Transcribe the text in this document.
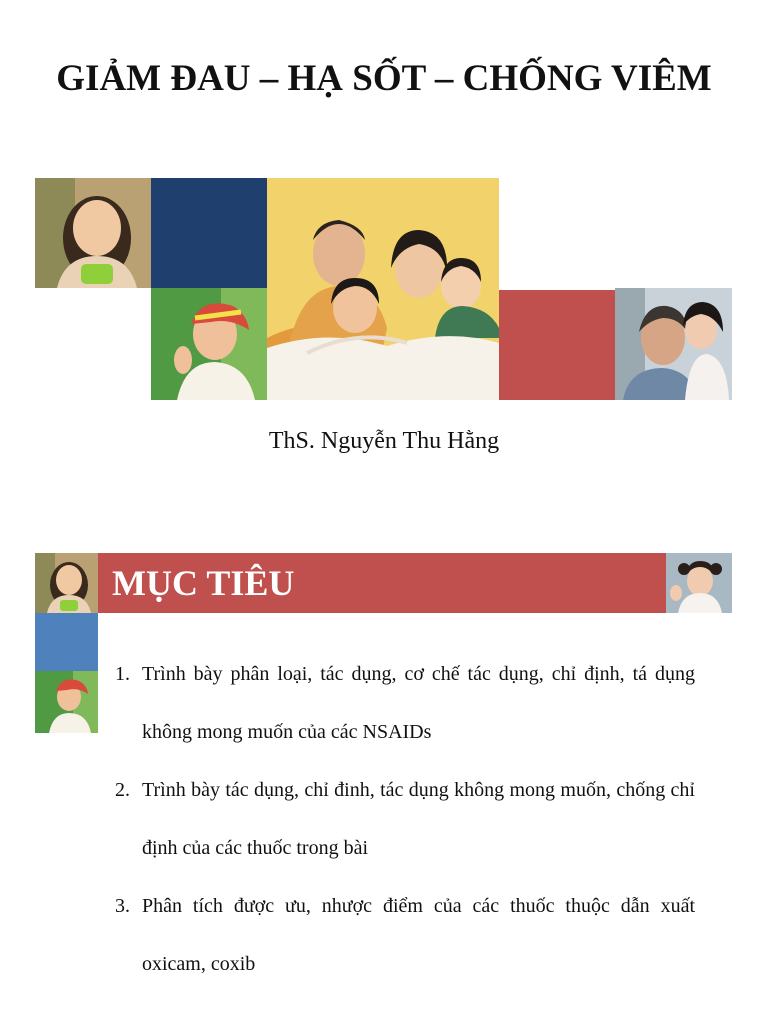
GIẢM ĐAU – HẠ SỐT – CHỐNG VIÊM
ThS. Nguyễn Thu Hằng
MỤC TIÊU
1. Trình bày phân loại, tác dụng, cơ chế tác dụng, chỉ định, tá dụng không mong muốn của các NSAIDs
2. Trình bày tác dụng, chỉ đinh, tác dụng không mong muốn, chống chỉ định của các thuốc trong bài
3. Phân tích được ưu, nhược điểm của các thuốc thuộc dẫn xuất oxicam, coxib
